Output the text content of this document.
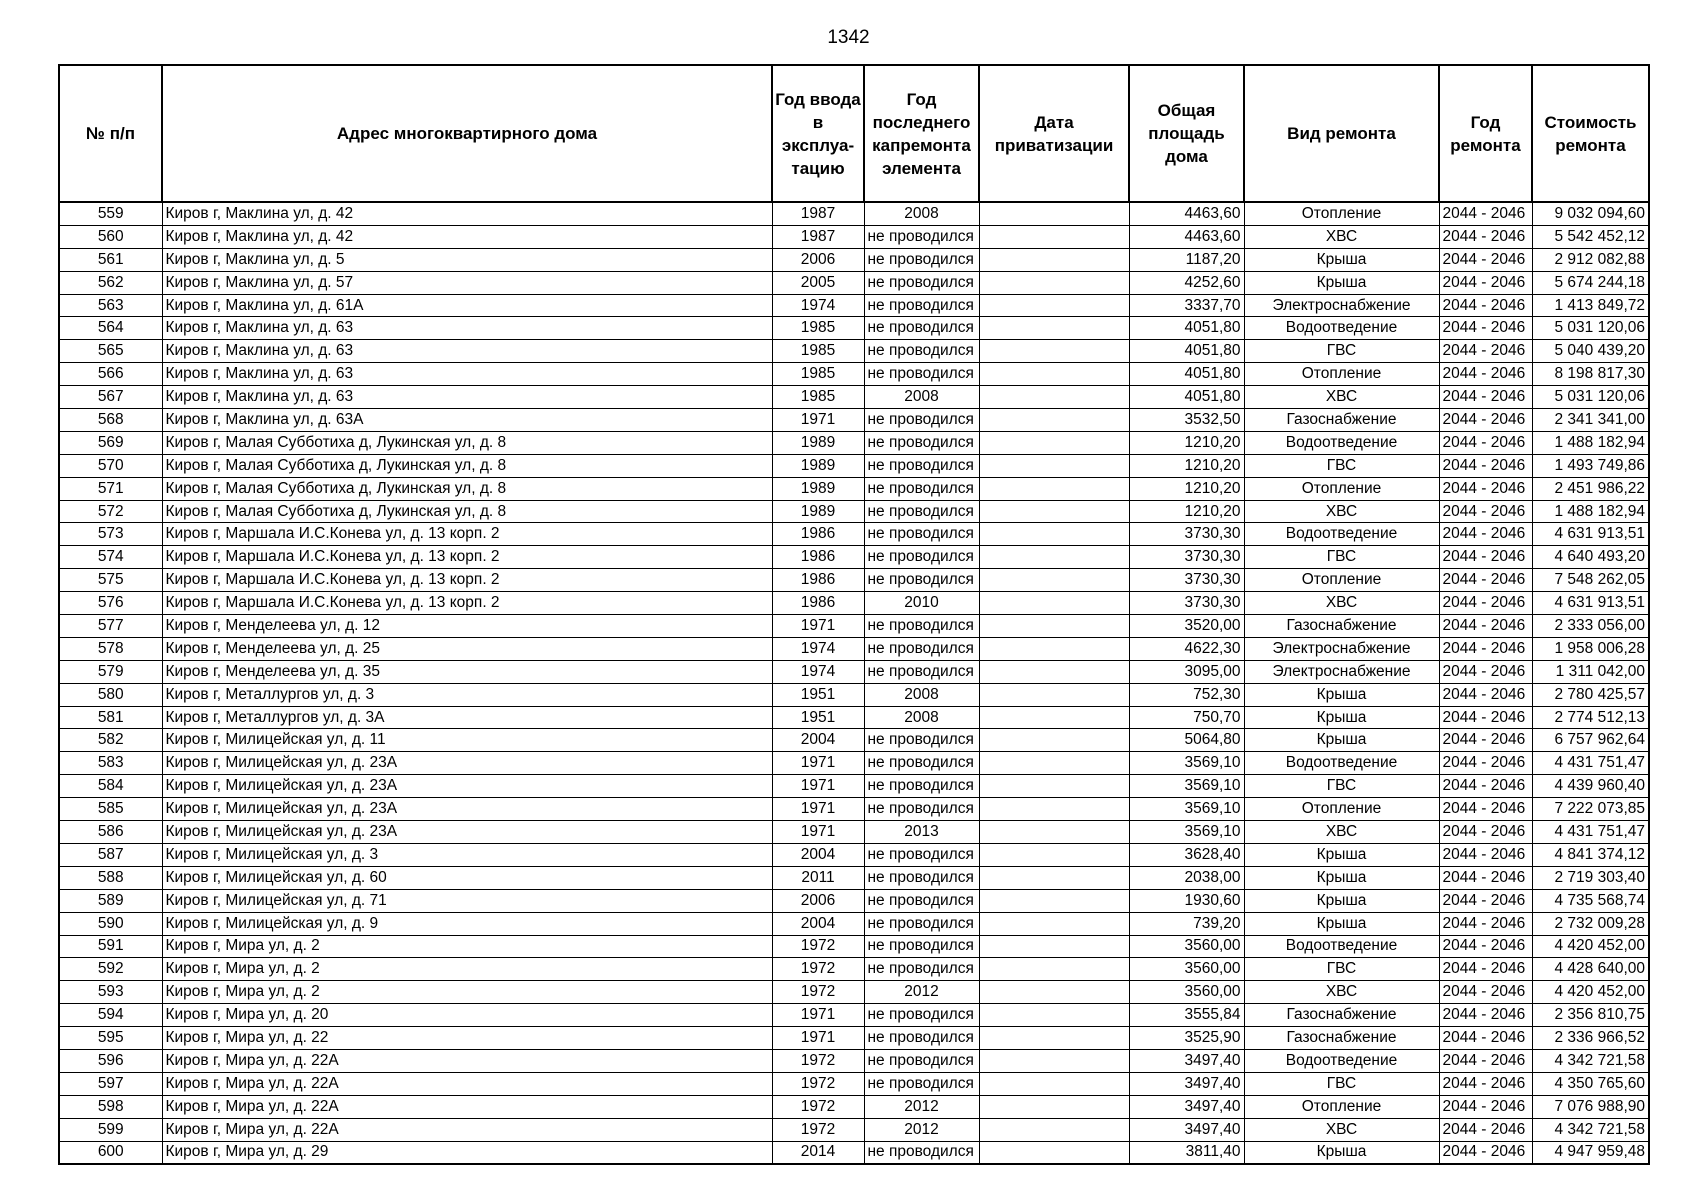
1342
№ п/п	Адрес многоквартирного дома	Год ввода в эксплуа-тацию	Год последнего капремонта элемента	Дата приватизации	Общая площадь дома	Вид ремонта	Год ремонта	Стоимость ремонта
559	Киров г, Маклина ул, д. 42	1987	2008		4463,60	Отопление	2044 - 2046	9 032 094,60
560	Киров г, Маклина ул, д. 42	1987	не проводился		4463,60	ХВС	2044 - 2046	5 542 452,12
561	Киров г, Маклина ул, д. 5	2006	не проводился		1187,20	Крыша	2044 - 2046	2 912 082,88
562	Киров г, Маклина ул, д. 57	2005	не проводился		4252,60	Крыша	2044 - 2046	5 674 244,18
563	Киров г, Маклина ул, д. 61А	1974	не проводился		3337,70	Электроснабжение	2044 - 2046	1 413 849,72
564	Киров г, Маклина ул, д. 63	1985	не проводился		4051,80	Водоотведение	2044 - 2046	5 031 120,06
565	Киров г, Маклина ул, д. 63	1985	не проводился		4051,80	ГВС	2044 - 2046	5 040 439,20
566	Киров г, Маклина ул, д. 63	1985	не проводился		4051,80	Отопление	2044 - 2046	8 198 817,30
567	Киров г, Маклина ул, д. 63	1985	2008		4051,80	ХВС	2044 - 2046	5 031 120,06
568	Киров г, Маклина ул, д. 63А	1971	не проводился		3532,50	Газоснабжение	2044 - 2046	2 341 341,00
569	Киров г, Малая Субботиха д, Лукинская ул, д. 8	1989	не проводился		1210,20	Водоотведение	2044 - 2046	1 488 182,94
570	Киров г, Малая Субботиха д, Лукинская ул, д. 8	1989	не проводился		1210,20	ГВС	2044 - 2046	1 493 749,86
571	Киров г, Малая Субботиха д, Лукинская ул, д. 8	1989	не проводился		1210,20	Отопление	2044 - 2046	2 451 986,22
572	Киров г, Малая Субботиха д, Лукинская ул, д. 8	1989	не проводился		1210,20	ХВС	2044 - 2046	1 488 182,94
573	Киров г, Маршала И.С.Конева ул, д. 13 корп. 2	1986	не проводился		3730,30	Водоотведение	2044 - 2046	4 631 913,51
574	Киров г, Маршала И.С.Конева ул, д. 13 корп. 2	1986	не проводился		3730,30	ГВС	2044 - 2046	4 640 493,20
575	Киров г, Маршала И.С.Конева ул, д. 13 корп. 2	1986	не проводился		3730,30	Отопление	2044 - 2046	7 548 262,05
576	Киров г, Маршала И.С.Конева ул, д. 13 корп. 2	1986	2010		3730,30	ХВС	2044 - 2046	4 631 913,51
577	Киров г, Менделеева ул, д. 12	1971	не проводился		3520,00	Газоснабжение	2044 - 2046	2 333 056,00
578	Киров г, Менделеева ул, д. 25	1974	не проводился		4622,30	Электроснабжение	2044 - 2046	1 958 006,28
579	Киров г, Менделеева ул, д. 35	1974	не проводился		3095,00	Электроснабжение	2044 - 2046	1 311 042,00
580	Киров г, Металлургов ул, д. 3	1951	2008		752,30	Крыша	2044 - 2046	2 780 425,57
581	Киров г, Металлургов ул, д. 3А	1951	2008		750,70	Крыша	2044 - 2046	2 774 512,13
582	Киров г, Милицейская ул, д. 11	2004	не проводился		5064,80	Крыша	2044 - 2046	6 757 962,64
583	Киров г, Милицейская ул, д. 23А	1971	не проводился		3569,10	Водоотведение	2044 - 2046	4 431 751,47
584	Киров г, Милицейская ул, д. 23А	1971	не проводился		3569,10	ГВС	2044 - 2046	4 439 960,40
585	Киров г, Милицейская ул, д. 23А	1971	не проводился		3569,10	Отопление	2044 - 2046	7 222 073,85
586	Киров г, Милицейская ул, д. 23А	1971	2013		3569,10	ХВС	2044 - 2046	4 431 751,47
587	Киров г, Милицейская ул, д. 3	2004	не проводился		3628,40	Крыша	2044 - 2046	4 841 374,12
588	Киров г, Милицейская ул, д. 60	2011	не проводился		2038,00	Крыша	2044 - 2046	2 719 303,40
589	Киров г, Милицейская ул, д. 71	2006	не проводился		1930,60	Крыша	2044 - 2046	4 735 568,74
590	Киров г, Милицейская ул, д. 9	2004	не проводился		739,20	Крыша	2044 - 2046	2 732 009,28
591	Киров г, Мира ул, д. 2	1972	не проводился		3560,00	Водоотведение	2044 - 2046	4 420 452,00
592	Киров г, Мира ул, д. 2	1972	не проводился		3560,00	ГВС	2044 - 2046	4 428 640,00
593	Киров г, Мира ул, д. 2	1972	2012		3560,00	ХВС	2044 - 2046	4 420 452,00
594	Киров г, Мира ул, д. 20	1971	не проводился		3555,84	Газоснабжение	2044 - 2046	2 356 810,75
595	Киров г, Мира ул, д. 22	1971	не проводился		3525,90	Газоснабжение	2044 - 2046	2 336 966,52
596	Киров г, Мира ул, д. 22А	1972	не проводился		3497,40	Водоотведение	2044 - 2046	4 342 721,58
597	Киров г, Мира ул, д. 22А	1972	не проводился		3497,40	ГВС	2044 - 2046	4 350 765,60
598	Киров г, Мира ул, д. 22А	1972	2012		3497,40	Отопление	2044 - 2046	7 076 988,90
599	Киров г, Мира ул, д. 22А	1972	2012		3497,40	ХВС	2044 - 2046	4 342 721,58
600	Киров г, Мира ул, д. 29	2014	не проводился		3811,40	Крыша	2044 - 2046	4 947 959,48
